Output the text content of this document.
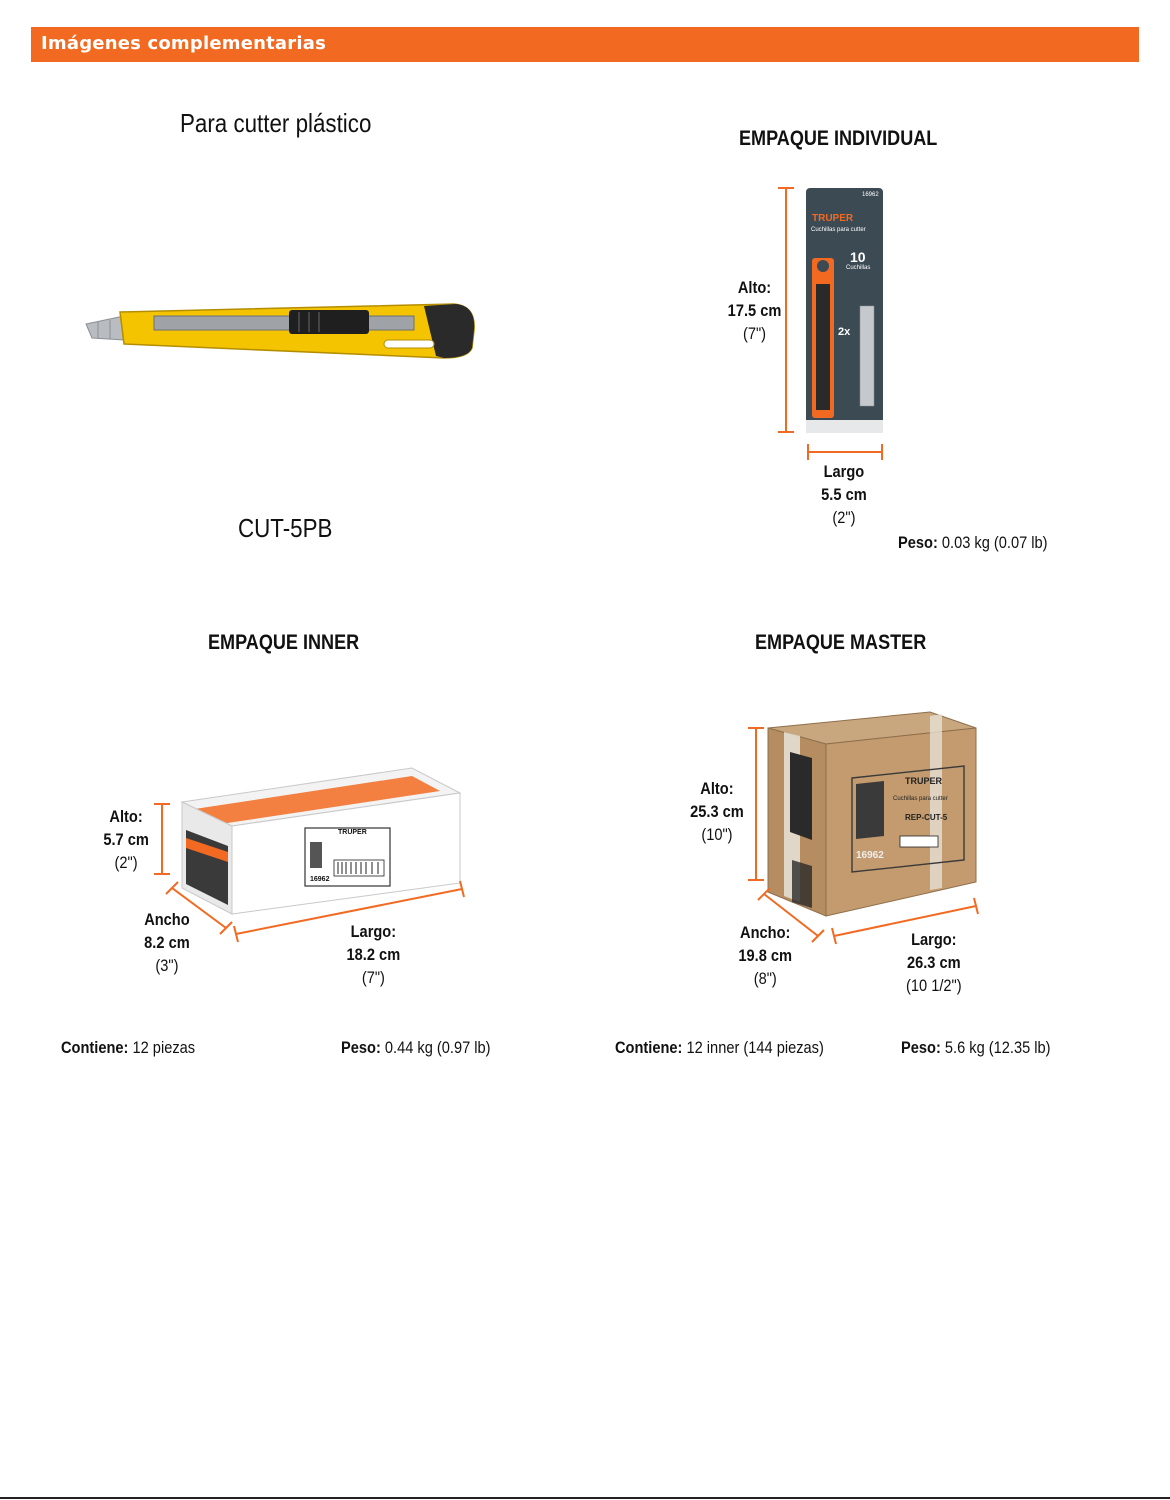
Imágenes complementarias
Para cutter plástico
CUT-5PB
EMPAQUE INDIVIDUAL
TRUPER
16962
Cuchillas para cutter
10
Cuchillas
2x
Alto:
17.5 cm
(7")
Largo
5.5 cm
(2")
Peso: 0.03 kg (0.07 lb)
EMPAQUE INNER
TRUPER
16962
Alto:
5.7 cm
(2")
Ancho
8.2 cm
(3")
Largo:
18.2 cm
(7")
Contiene: 12 piezas	Peso: 0.44 kg (0.97 lb)
EMPAQUE MASTER
TRUPER
Cuchillas para cutter
REP-CUT-5
16962
Alto:
25.3 cm
(10")
Ancho:
19.8 cm
(8")
Largo:
26.3 cm
(10 1/2")
Contiene: 12 inner (144 piezas)	Peso: 5.6 kg (12.35 lb)
